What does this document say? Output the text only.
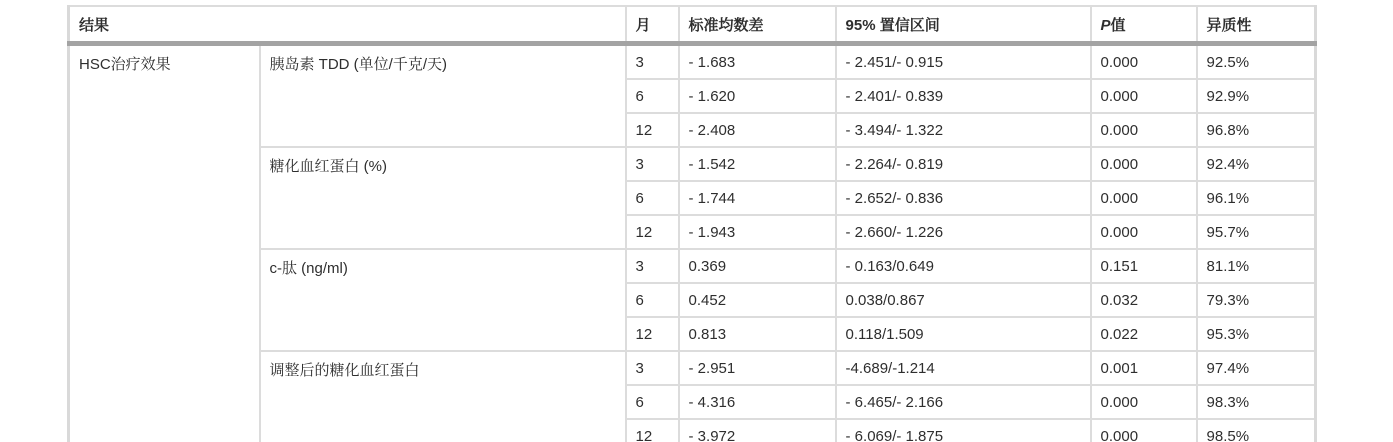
结果		月	标准均数差	95% 置信区间	P值	异质性
HSC治疗效果	胰岛素 TDD (单位/千克/天)	3	- 1.683	- 2.451/- 0.915	0.000	92.5%
		6	- 1.620	- 2.401/- 0.839	0.000	92.9%
		12	- 2.408	- 3.494/- 1.322	0.000	96.8%
	糖化血红蛋白 (%)	3	- 1.542	- 2.264/- 0.819	0.000	92.4%
		6	- 1.744	- 2.652/- 0.836	0.000	96.1%
		12	- 1.943	- 2.660/- 1.226	0.000	95.7%
	c-肽 (ng/ml)	3	0.369	- 0.163/0.649	0.151	81.1%
		6	0.452	0.038/0.867	0.032	79.3%
		12	0.813	0.118/1.509	0.022	95.3%
	调整后的糖化血红蛋白	3	- 2.951	-4.689/-1.214	0.001	97.4%
		6	- 4.316	- 6.465/- 2.166	0.000	98.3%
		12	- 3.972	- 6.069/- 1.875	0.000	98.5%
